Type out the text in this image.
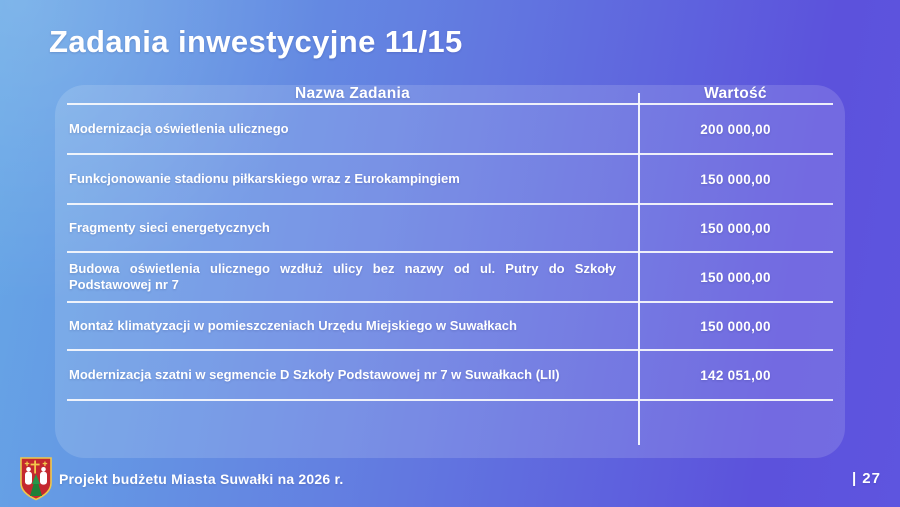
Zadania inwestycyjne 11/15
Nazwa Zadania	Wartość
Modernizacja oświetlenia ulicznego	200 000,00
Funkcjonowanie stadionu piłkarskiego wraz z Eurokampingiem	150 000,00
Fragmenty sieci energetycznych	150 000,00
Budowa oświetlenia ulicznego wzdłuż ulicy bez nazwy od ul. Putry do Szkoły Podstawowej nr 7	150 000,00
Montaż klimatyzacji w pomieszczeniach Urzędu Miejskiego w Suwałkach	150 000,00
Modernizacja szatni w segmencie D Szkoły Podstawowej nr 7 w Suwałkach (LII)	142 051,00
Projekt budżetu Miasta Suwałki na 2026 r.	| 27
